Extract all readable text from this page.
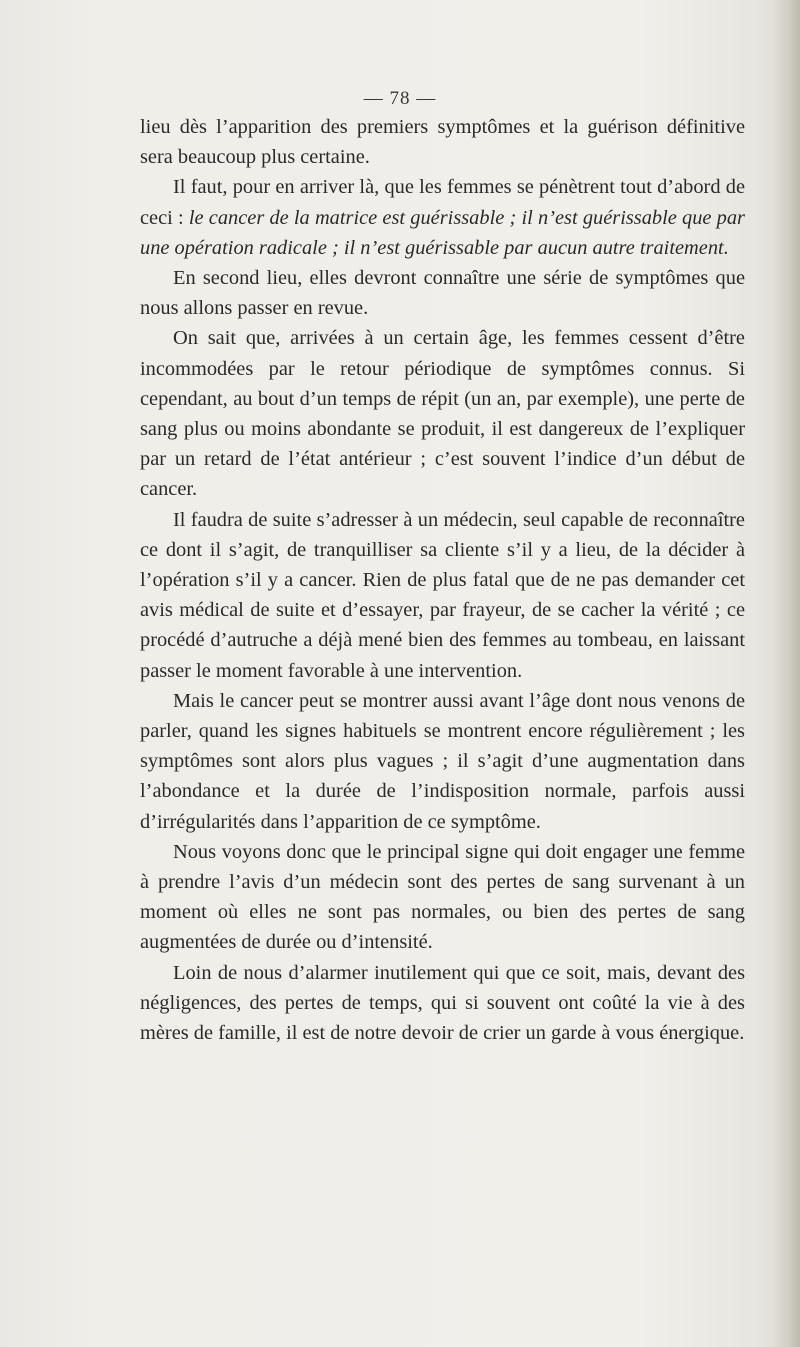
— 78 —

lieu dès l’apparition des premiers symptômes et la guérison définitive sera beaucoup plus certaine.

Il faut, pour en arriver là, que les femmes se pénètrent tout d’abord de ceci : le cancer de la matrice est guérissable ; il n’est guérissable que par une opération radicale ; il n’est guérissable par aucun autre traitement.

En second lieu, elles devront connaître une série de symptômes que nous allons passer en revue.

On sait que, arrivées à un certain âge, les femmes cessent d’être incommodées par le retour périodique de symptômes connus. Si cependant, au bout d’un temps de répit (un an, par exemple), une perte de sang plus ou moins abondante se produit, il est dangereux de l’expliquer par un retard de l’état antérieur ; c’est souvent l’indice d’un début de cancer.

Il faudra de suite s’adresser à un médecin, seul capable de reconnaître ce dont il s’agit, de tranquilliser sa cliente s’il y a lieu, de la décider à l’opération s’il y a cancer. Rien de plus fatal que de ne pas demander cet avis médical de suite et d’essayer, par frayeur, de se cacher la vérité ; ce procédé d’autruche a déjà mené bien des femmes au tombeau, en laissant passer le moment favorable à une intervention.

Mais le cancer peut se montrer aussi avant l’âge dont nous venons de parler, quand les signes habituels se montrent encore régulièrement ; les symptômes sont alors plus vagues ; il s’agit d’une augmentation dans l’abondance et la durée de l’indisposition normale, parfois aussi d’irrégularités dans l’apparition de ce symptôme.

Nous voyons donc que le principal signe qui doit engager une femme à prendre l’avis d’un médecin sont des pertes de sang survenant à un moment où elles ne sont pas normales, ou bien des pertes de sang augmentées de durée ou d’intensité.

Loin de nous d’alarmer inutilement qui que ce soit, mais, devant des négligences, des pertes de temps, qui si souvent ont coûté la vie à des mères de famille, il est de notre devoir de crier un garde à vous énergique.
